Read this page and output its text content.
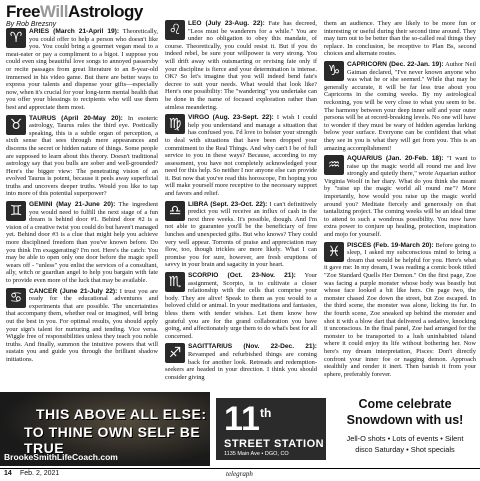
Free Will Astrology
By Rob Brezsny
♈	ARIES (March 21-April 19): Theoretically, you could offer to help a person who doesn't like you. You could bring a gourmet vegan meal to a meat-eater or pay a compliment to a bigot. I suppose you could even sing beautiful love songs to annoyed passersby or recite passages from great literature to an 8-year-old immersed in his video game. But there are better ways to express your talents and dispense your gifts—especially now, when it's crucial for your long-term mental health that you offer your blessings to recipients who will use them best and appreciate them most.
♉	TAURUS (April 20-May 20): In esoteric astrology, Taurus rules the third eye. Poetically speaking, this is a subtle organ of perception, a sixth sense that sees through mere appearances and discerns the secret or hidden nature of things. Some people are supposed to learn about this theory. Doesn't traditional astrology say that you bulls are sober and well-grounded? Here's the bigger view: The penetrating vision of an evolved Taurus is potent, because it peels away superficial truths and uncovers deeper truths. Would you like to tap into more of this potential superpower?
♊	GEMINI (May 21-June 20): The ingredient you would need to fulfill the next stage of a fun dream is behind door #1. Behind door #2 is a vision of a creative twist you could do but haven't managed yet. Behind door #3 is a clue that might help you achieve more disciplined freedom than you've known before. Do you think I'm exaggerating? I'm not. Here's the catch: You may be able to open only one door before the magic spell wears off - "unless" you enlist the services of a consultant, ally, witch or guardian angel to help you bargain with fate to provide even more of the luck that may be available.
♋	CANCER (June 21-July 22): I trust you are ready for the educational adventures and experiments that are possible. The uncertainties that accompany them, whether real or imagined, will bring out the best in you. For optimal results, you should apply your sign's talent for nurturing and tending. Vice versa. Wiggle free of responsibilities unless they teach you noble truths. And finally, summon the intuitive powers that will sustain you and guide you through the brilliant shadow initiations.
♌	LEO (July 23-Aug. 22): Fate has decreed, "Leos must be wanderers for a while." You are under no obligation to obey this mandate, of course. Theoretically, you could resist it. But if you do indeed rebel, be sure your willpower is very strong. You will drift away with outsmarting or revising fate only if your discipline is fierce and your determination is intense. OK? So let's imagine that you will indeed bend fate's decree to suit your needs. What would that look like? Here's one possibility: The "wandering" you undertake can be done in the name of focused exploration rather than aimless meandering.
♍	VIRGO (Aug. 23-Sept. 22): I wish I could help you understand and manage a situation that has confused you. I'd love to bolster your strength to deal with situations that have been dropped your commitment to the Real Things. And why can't I be of full service to you in these ways? Because, according to my assessment, you have not completely acknowledged your need for this help. So neither I nor anyone else can provide it. But now that you've read this horoscope, I'm hoping you will make yourself more receptive to the necessary support and favors and relief.
♎	LIBRA (Sept. 23-Oct. 22): I can't definitively predict you will receive an influx of cash in the next three weeks. It's possible, though. And I'm not able to guarantee you'll be the beneficiary of free lunches and unexpected gifts. But who knows? They could very well appear. Torrents of praise and appreciation may flow, too, though trickles are more likely. What I can promise you for sure, however, are fresh eruptions of savvy in your brain and sagacity in your heart.
♏	SCORPIO (Oct. 23-Nov. 21): Your assignment, Scorpio, is to cultivate a closer relationship with the cells that comprise your body. They are alive! Speak to them as you would to a beloved child or animal. In your meditations and fantasies, bless them with tender wishes. Let them know how grateful you are for the grand collaboration you have going, and affectionately urge them to do what's best for all concerned.
♐	SAGITTARIUS (Nov. 22-Dec. 21): Revamped and refurbished things are coming back for another look. Retreads and redemption-seekers are headed in your direction. I think you should consider giving
them an audience. They are likely to be more fun or interesting or useful during their second time around. They may turn out to be better than the so-called real things they replace. In conclusion, be receptive to Plan Bs, second choices and alternate routes.
♑	CAPRICORN (Dec. 22-Jan. 19): Author Neil Gaiman declared, "I've never known anyone who was what he or she seemed." While that may be generally accurate, it will be far less true about you Capricorns in the coming weeks. By my astrological reckoning, you will be very close to what you seem to be. The harmony between your deep inner self and your outer persona will be at record-breaking levels. No one will have to wonder if they must be wary of hidden agendas lurking below your surface. Everyone can be confident that what they see in you is what they will get from you. This is an amazing accomplishment!
♒	AQUARIUS (Jan. 20-Feb. 18): "I want to raise up the magic world all round me and live strongly and quietly there," wrote Aquarian author Virginia Woolf in her diary. What do you think she meant by "raise up the magic world all round me"? More importantly, how would you raise up the magic world around you? Meditate fiercely and generously on that tantalizing project. The coming weeks will be an ideal time to attend to such a wondrous possibility. You now have extra power to conjure up healing, protection, inspiration and mojo for yourself.
♓	PISCES (Feb. 19-March 20): Before going to sleep, I asked my subconscious mind to bring a dream that would be helpful for you. Here's what it gave me: In my dream, I was reading a comic book titled "Zoe Standard Quells Her Demon." On the first page, Zoe was facing a purple monster whose body was beastly but whose face looked a bit like hers. On page two, the monster chased Zoe down the street, but Zoe escaped. In the third scene, the monster was alone, licking its fur. In the fourth scene, Zoe sneaked up behind the monster and shot it with a blow dart that delivered a sedative, knocking it unconscious. In the final panel, Zoe had arranged for the monster to be transported to a lush uninhabited island where it could enjoy its life without bothering her. Now here's my dream interpretation, Pisces: Don't directly confront your inner foe or nagging demon. Approach stealthily and render it inert. Then banish it from your sphere, preferably forever.
THIS ABOVE ALL ELSE:
TO THINE OWN SELF BE TRUE
BrookeSmithLifeCoach.com
11 th
STREET STATION
1135 Main Ave • DGO, CO
Come celebrate
Snowdown with us!
Jell-O shots • Lots of events • Silent
disco Saturday • Shot specials
14 Feb. 2, 2021	telegraph
